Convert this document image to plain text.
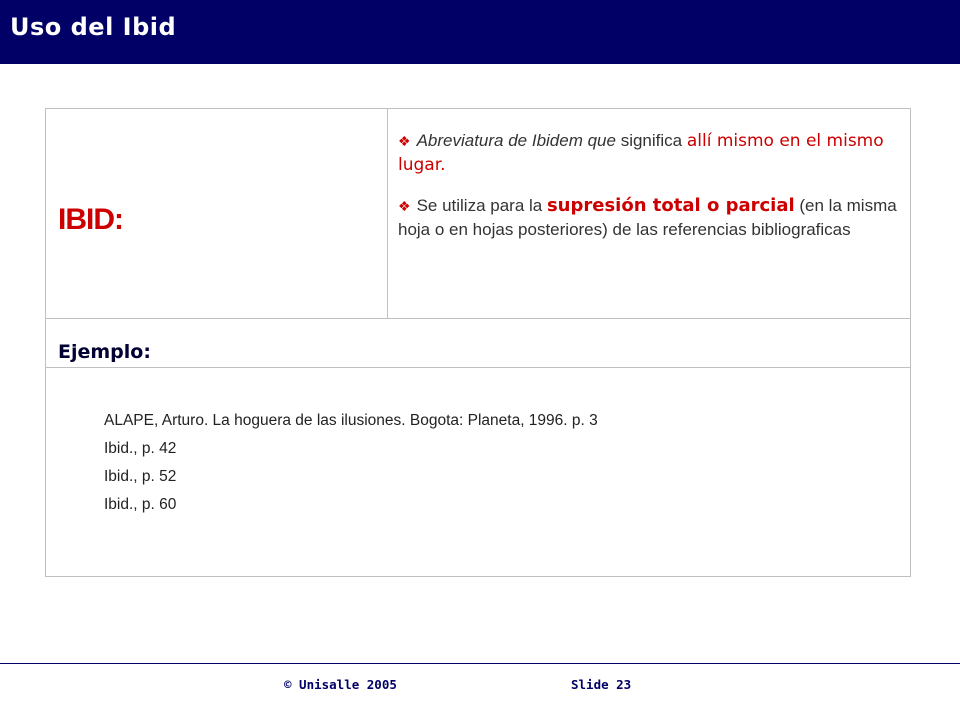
Uso del Ibid
IBID:
❖ Abreviatura de Ibidem que significa allí mismo en el mismo lugar.
❖ Se utiliza para la supresión total o parcial (en la misma hoja o en hojas posteriores) de las referencias bibliograficas
Ejemplo:
ALAPE, Arturo. La hoguera de las ilusiones. Bogota: Planeta, 1996. p. 3
Ibid., p. 42
Ibid., p. 52
Ibid., p. 60
© Unisalle 2005	Slide 23
